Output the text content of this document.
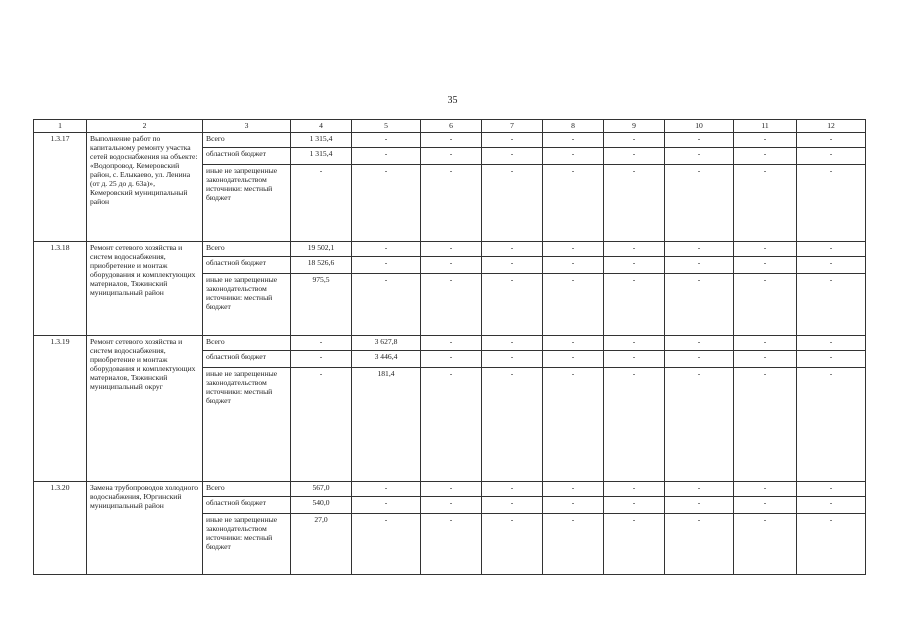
35
1	2	3	4	5	6	7	8	9	10	11	12
1.3.17	Выполнение работ по капитальному ремонту участка сетей водоснабжения на объекте: «Водопровод. Кемеровский район, с. Елыкаево, ул. Ленина (от д. 25 до д. 63а)», Кемеровский муниципальный район	Всего	1 315,4	-	-	-	-	-	-	-	-
		областной бюджет	1 315,4	-	-	-	-	-	-	-	-
		иные не запрещенные законодательством источники: местный бюджет	-	-	-	-	-	-	-	-	-
1.3.18	Ремонт сетевого хозяйства и систем водоснабжения, приобретение и монтаж оборудования и комплектующих материалов, Тяжинский муниципальный район	Всего	19 502,1	-	-	-	-	-	-	-	-
		областной бюджет	18 526,6	-	-	-	-	-	-	-	-
		иные не запрещенные законодательством источники: местный бюджет	975,5	-	-	-	-	-	-	-	-
1.3.19	Ремонт сетевого хозяйства и систем водоснабжения, приобретение и монтаж оборудования и комплектующих материалов, Тяжинский муниципальный округ	Всего	-	3 627,8	-	-	-	-	-	-	-
		областной бюджет	-	3 446,4	-	-	-	-	-	-	-
		иные не запрещенные законодательством источники: местный бюджет	-	181,4	-	-	-	-	-	-	-
1.3.20	Замена трубопроводов холодного водоснабжения, Юргинский муниципальный район	Всего	567,0	-	-	-	-	-	-	-	-
		областной бюджет	540,0	-	-	-	-	-	-	-	-
		иные не запрещенные законодательством источники: местный бюджет	27,0	-	-	-	-	-	-	-	-
